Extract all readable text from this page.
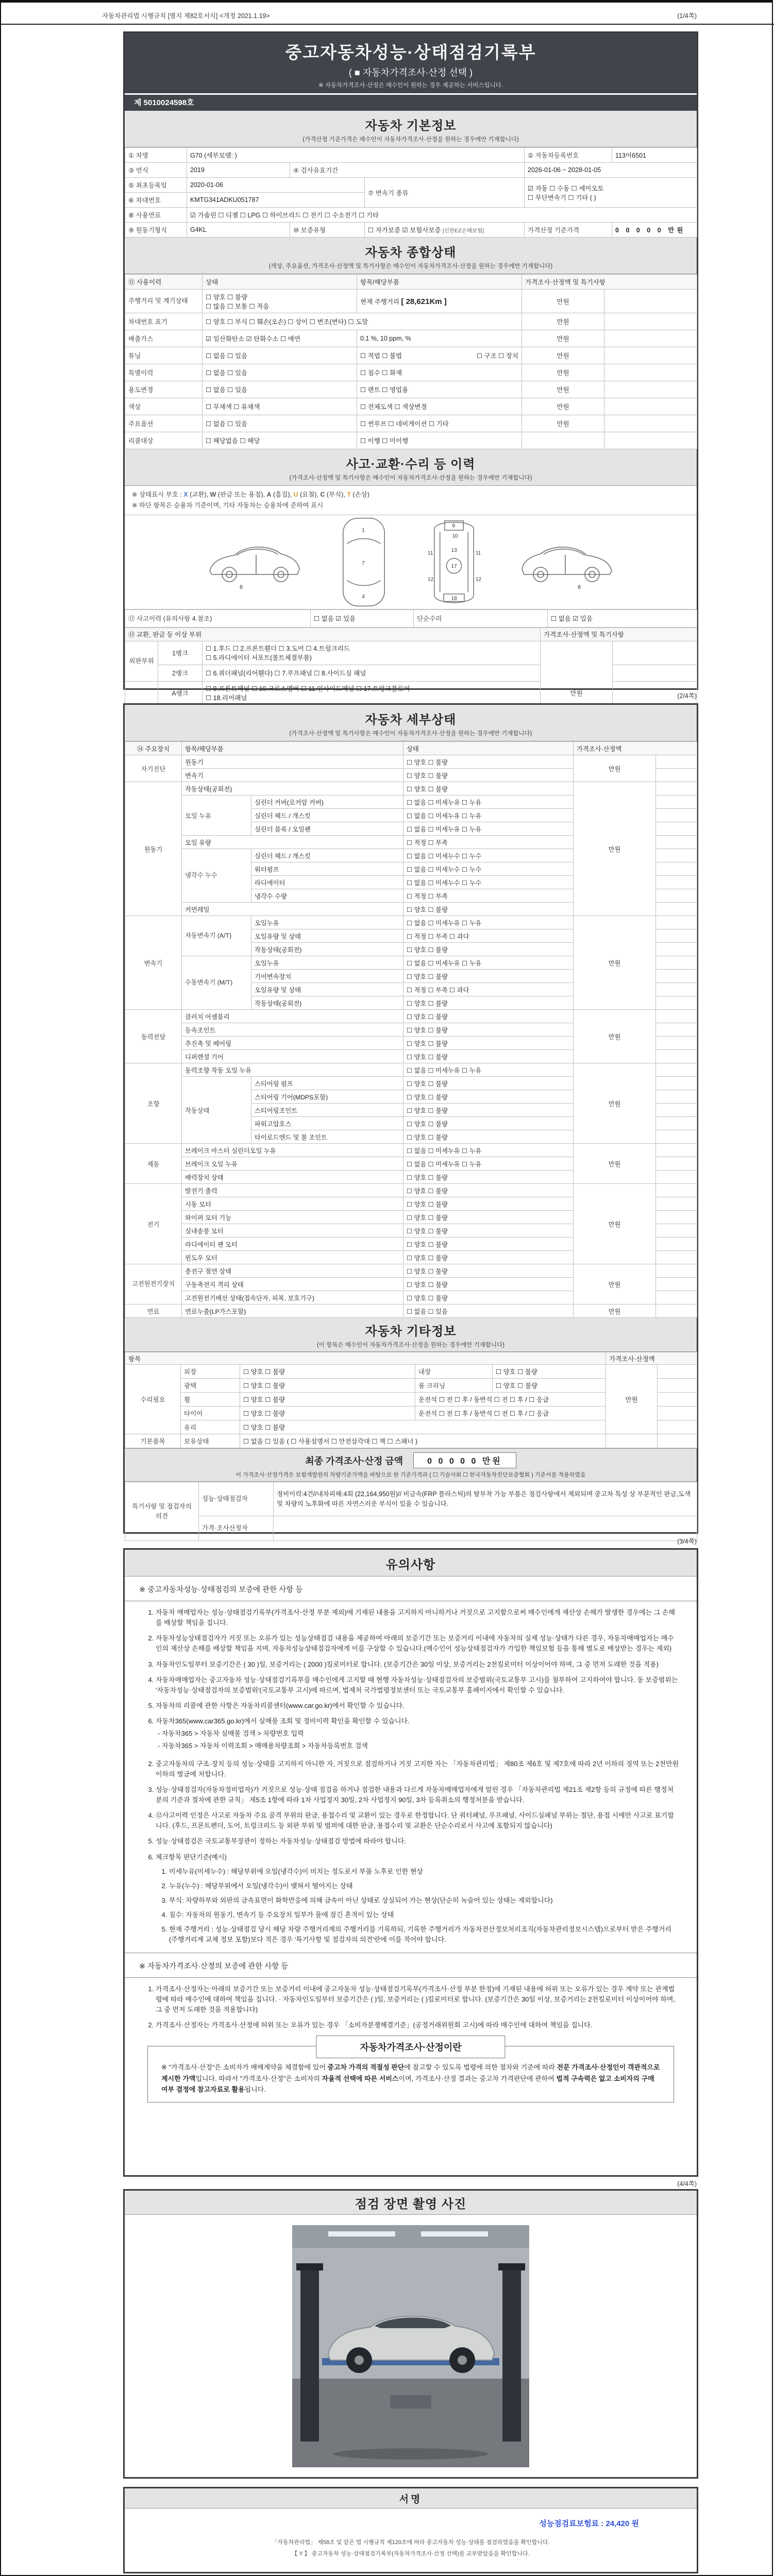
자동차관리법 시행규칙 [별지 제82호서식] <개정 2021.1.19>	(1/4쪽)
중고자동차성능·상태점검기록부
( ■ 자동차가격조사·산정 선택 )
※ 자동차가격조사·산정은 매수인이 원하는 경우 제공하는 서비스입니다.
제 5010024598호
자동차 기본정보
(가격산정 기준가격은 매수인이 자동차가격조사·산정을 원하는 경우에만 기재합니다)
① 차명	G70 (세부모델: )			② 자동차등록번호	113어6501
③ 연식	2019	④ 검사유효기간		2026-01-06 ~ 2028-01-05	
⑤ 최초등록일	2020-01-06		⑦ 변속기 종류	☑ 자동 ☐ 수동 ☐ 세미오토
☐ 무단변속기 ☐ 기타 ( )	

⑥ 차대번호	KMTG341ADKU051787				
⑧ 사용연료	☑ 가솔린 ☐ 디젤 ☐ LPG ☐ 하이브리드 ☐ 전기 ☐ 수소전기 ☐ 기타				
⑨ 원동기형식	G4KL	⑩ 보증유형	☐ 자가보증 ☑ 보험사보증 [신한EZ손해보험]	가격산정 기준가격	0 0 0 0 0 만원
자동차 종합상태
(색상, 주요옵션, 가격조사·산정액 및 특기사항은 매수인이 자동차가격조사·산정을 원하는 경우에만 기재합니다)
⑪ 사용이력	상태	항목/해당부품	가격조사·산정액 및 특기사항	
주행거리 및 계기상태	☐ 양호 ☐ 불량
☐ 많음 ☐ 보통 ☐ 적음	현재 주행거리 [ 28,621Km ]	만원	
차대번호 표기	☐ 양호 ☐ 부식 ☐ 훼손(오손) ☐ 상이 ☐ 변조(변타) ☐ 도말		만원	
배출가스	☑ 일산화탄소 ☑ 탄화수소 ☐ 매연	0.1 %, 10 ppm, %	만원	
튜닝	☐ 없음 ☐ 있음	☐ 적법 ☐ 불법 ☐ 구조 ☐ 장치	만원	
특별이력	☐ 없음 ☐ 있음	☐ 침수 ☐ 화재	만원	
용도변경	☐ 없음 ☐ 있음	☐ 렌트 ☐ 영업용	만원	
색상	☐ 무채색 ☐ 유채색	☐ 전체도색 ☐ 색상변경	만원	
주요옵션	☐ 없음 ☐ 있음	☐ 썬루프 ☐ 네비게이션 ☐ 기타	만원	
리콜대상	☐ 해당없음 ☐ 해당	☐ 이행 ☐ 미이행		
사고·교환·수리 등 이력
(가격조사·산정액 및 특기사항은 매수인이 자동차가격조사·산정을 원하는 경우에만 기재합니다)
※ 상태표시 부호 : X (교환), W (판금 또는 용접), A (흠집), U (요철), C (부식), T (손상)
※ 하단 항목은 승용차 기준이며, 기타 자동차는 승용차에 준하여 표시
6
1
7
4
9
10
11	11
13
17
12	12
18
6
⑫ 사고이력 (유의사항 4.참조)	☐ 없음 ☑ 있음	단순수리	☐ 없음 ☑ 있음
⑬ 교환, 판금 등 이상 부위			가격조사·산정액 및 특기사항	
외판부위	1랭크	☐ 1.후드 ☐ 2.프론트휀더 ☐ 3.도어 ☐ 4.트렁크리드
☐ 5.라디에이터 서포트(볼트체결부품)	만원	
	2랭크	☐ 6.쿼더패널(리어휀다) ☐ 7.루프패널 ☐ 8.사이드실 패널		
	A랭크	☐ 9.프론트패널 ☐ 10.크로스멤버 ☐ 11.인사이드패널 ☐ 17.트렁크플로어
☐ 18.리어패널		

			(2/4쪽)
자동차 세부상태
(가격조사·산정액 및 특기사항은 매수인이 자동차가격조사·산정을 원하는 경우에만 기재합니다)
⑭ 주요장치	항목/해당부품		상태	가격조사·산정액	
자기진단	원동기		☐ 양호 ☐ 불량	만원	
	변속기		☐ 양호 ☐ 불량		
원동기	작동상태(공회전)		☐ 양호 ☐ 불량	만원	
	오일 누유	실린더 커버(로커암 커버)	☐ 없음 ☐ 미세누유 ☐ 누유		
		실린더 헤드 / 개스킷	☐ 없음 ☐ 미세누유 ☐ 누유		
		실린더 블록 / 오일팬	☐ 없음 ☐ 미세누유 ☐ 누유		
	오일 유량		☐ 적정 ☐ 부족		
	냉각수 누수	실린더 헤드 / 개스킷	☐ 없음 ☐ 미세누수 ☐ 누수		
		워터펌프	☐ 없음 ☐ 미세누수 ☐ 누수		
		라디에이터	☐ 없음 ☐ 미세누수 ☐ 누수		
		냉각수 수량	☐ 적정 ☐ 부족		
	커먼레일		☐ 양호 ☐ 불량		
변속기	자동변속기 (A/T)	오일누유	☐ 없음 ☐ 미세누유 ☐ 누유	만원	
		오일유량 및 상태	☐ 적정 ☐ 부족 ☐ 과다		
		작동상태(공회전)	☐ 양호 ☐ 불량		
	수동변속기 (M/T)	오일누유	☐ 없음 ☐ 미세누유 ☐ 누유		
		기어변속장치	☐ 양호 ☐ 불량		
		오일유량 및 상태	☐ 적정 ☐ 부족 ☐ 과다		
		작동상태(공회전)	☐ 양호 ☐ 불량		
동력전달	클러치 어셈블리		☐ 양호 ☐ 불량	만원	
	등속조인트		☐ 양호 ☐ 불량		
	추진축 및 베어링		☐ 양호 ☐ 불량		
	디퍼렌셜 기어		☐ 양호 ☐ 불량		
조향	동력조향 작동 오일 누유		☐ 없음 ☐ 미세누유 ☐ 누유	만원	
	작동상태	스티어링 펌프	☐ 양호 ☐ 불량		
		스티어링 기어(MDPS포함)	☐ 양호 ☐ 불량		
		스티어링조인트	☐ 양호 ☐ 불량		
		파워고압호스	☐ 양호 ☐ 불량		
		타이로드엔드 및 볼 조인트	☐ 양호 ☐ 불량		
제동	브레이크 마스터 실린더오일 누유		☐ 없음 ☐ 미세누유 ☐ 누유	만원	
	브레이크 오일 누유		☐ 없음 ☐ 미세누유 ☐ 누유		
	배력장치 상태		☐ 양호 ☐ 불량		
전기	발전기 출력		☐ 양호 ☐ 불량	만원	
	시동 모터		☐ 양호 ☐ 불량		
	와이퍼 모터 기능		☐ 양호 ☐ 불량		
	실내송풍 모터		☐ 양호 ☐ 불량		
	라디에이터 팬 모터		☐ 양호 ☐ 불량		
	윈도우 모터		☐ 양호 ☐ 불량		
고전원전기장치	충전구 절연 상태		☐ 양호 ☐ 불량	만원	
	구동축전지 격리 상태		☐ 양호 ☐ 불량		
	고전원전기배선 상태(접속단자, 피복, 보호기구)		☐ 양호 ☐ 불량		
연료	연료누출(LP가스포함)		☐ 없음 ☐ 있음	만원	
자동차 기타정보
(이 항목은 매수인이 자동차가격조사·산정을 원하는 경우에만 기재합니다)
항목					가격조사·산정액	
수리필요	외장	☐ 양호 ☐ 불량	내장	☐ 양호 ☐ 불량	만원	
	광택	☐ 양호 ☐ 불량	룸 크리닝	☐ 양호 ☐ 불량		
	휠	☐ 양호 ☐ 불량	운전석 ☐ 전 ☐ 후 / 동반석 ☐ 전 ☐ 후 / ☐ 응급			
	타이어	☐ 양호 ☐ 불량	운전석 ☐ 전 ☐ 후 / 동반석 ☐ 전 ☐ 후 / ☐ 응급			
	유리	☐ 양호 ☐ 불량				
기본품목	보유상태	☐ 없음 ☐ 있음 ( ☐ 사용설명서 ☐ 안전삼각대 ☐ 잭 ☐ 스패너 )				
최종 가격조사·산정 금액	0 0 0 0 0 만원
이 가격조사·산정가격은 보험개발원의 차량기준가액을 바탕으로 한 기준가격과 ( ☐ 기술사회 ☐ 한국자동차진단보증협회 ) 기준서를 적용하였음
특기사항 및 점검자의 의견	성능·상태점검자	정비이력:4건//내차피해:4회 (22,164,950원)// 비금속(FRP 플라스틱)의 탈부착 가능 부품은 점검사항에서 제외되며 중고차 특성 상 부분적인 판금,도색 및 차량의 노후화에 따른 자연스러운 부식이 있을 수 있습니다.
	가격·조사산정자	
(3/4쪽)
유의사항
※ 중고자동차성능·상태점검의 보증에 관한 사항 등
1. 자동차 매매업자는 성능·상태점검기록부(가격조사·산정 부분 제외)에 기재된 내용을 고지하지 아니하거나 거짓으로 고지함으로써 매수인에게 재산상 손해가 발생한 경우에는 그 손해를 배상할 책임을 집니다.
2. 자동차성능상태점검자가 거짓 또는 오류가 있는 성능상태점검 내용을 제공하여 아래의 보증기간 또는 보증거리 이내에 자동차의 실제 성능·상태가 다른 경우, 자동차매매업자는 매수인의 재산상 손해를 배상할 책임을 지며, 자동차성능상태점검자에게 이를 구상할 수 있습니다.(매수인이 성능상태점검자가 가입한 책임보험 등을 통해 별도로 배상받는 경우는 제외)
3. 자동차인도일부터 보증기간은 ( 30 )일, 보증거리는 ( 2000 )킬로미터로 합니다. (보증기간은 30일 이상, 보증거리는 2천킬로미터 이상이어야 하며, 그 중 먼저 도래한 것을 적용)
4. 자동차매매업자는 중고자동차 성능·상태점검기록부를 매수인에게 고지할 때 현행 자동차성능·상태점검자의 보증범위(국토교통부 고시)를 첨부하여 고지하여야 합니다. 동 보증범위는 '자동차성능·상태점검자의 보증범위'(국토교통부 고시)에 따르며, 법제처 국가법령정보센터 또는 국토교통부 홈페이지에서 확인할 수 있습니다.
5. 자동차의 리콜에 관한 사항은 자동차리콜센터(www.car.go.kr)에서 확인할 수 있습니다.
6. 자동차365(www.car365.go.kr)에서 실매물 조회 및 정비이력 확인을 확인할 수 있습니다.
- 자동차365 > 자동차 실매물 검색 > 차량번호 입력
- 자동차365 > 자동차 이력조회 > 매매용차량조회 > 자동차등록번호 검색
2. 중고자동차의 구조·장치 등의 성능·상태를 고지하지 아니한 자, 거짓으로 점검하거나 거짓 고지한 자는 「자동차관리법」 제80조 제6호 및 제7호에 따라 2년 이하의 징역 또는 2천만원 이하의 벌금에 처합니다.
3. 성능·상태점검자(자동차정비업자)가 거짓으로 성능·상태 점검을 하거나 점검한 내용과 다르게 자동차매매업자에게 알린 경우 「자동차관리법 제21조 제2항 등의 규정에 따른 행정처분의 기준과 절차에 관한 규칙」 제5조 1항에 따라 1차 사업정지 30일, 2차 사업정지 90일, 3차 등록취소의 행정처분을 받습니다.
4. ⑫사고이력 인정은 사고로 자동차 주요 골격 부위의 판금, 용접수리 및 교환이 있는 경우로 한정합니다. 단 쿼터패널, 루프패널, 사이드실패널 부위는 절단, 용접 시에만 사고로 표기합니다. (후드, 프론트펜더, 도어, 트렁크리드 등 외판 부위 및 범퍼에 대한 판금, 용접수리 및 교환은 단순수리로서 사고에 포함되지 않습니다)
5. 성능·상태점검은 국토교통부장관이 정하는 자동차성능·상태점검 방법에 따라야 합니다.
6. 체크항목 판단기준(예시)
1. 미세누유(미세누수) : 해당부위에 오일(냉각수)이 비치는 정도로서 부품 노후로 인한 현상
2. 누유(누수) : 해당부위에서 오일(냉각수)이 맺혀서 떨어지는 상태
3. 부식: 차량하부와 외판의 금속표면이 화학반응에 의해 금속이 아닌 상태로 상실되어 가는 현상(단순히 녹슬어 있는 상태는 제외합니다)
4. 침수: 자동차의 원동기, 변속기 등 주요장치 일부가 물에 잠긴 흔적이 있는 상태
5. 현재 주행거리 : 성능·상태점검 당시 해당 차량 주행거리계의 주행거리를 기록하되, 기록한 주행거리가 자동차전산정보처리조직(자동차관리정보시스템)으로부터 받은 주행거리(주행거리계 교체 정보 포함)보다 적은 경우 '특기사항 및 점검자의 의견'란에 이를 적어야 합니다.
※ 자동차가격조사·산정의 보증에 관한 사항 등
1. 가격조사·산정자는 아래의 보증기간 또는 보증거리 이내에 중고자동차 성능·상태점검기록부(가격조사·산정 부분 한정)에 기재된 내용에 허위 또는 오류가 있는 경우 계약 또는 관계법령에 따라 매수인에 대하여 책임을 집니다. · 자동차인도일부터 보증기간은 ( )일, 보증거리는 ( )킬로미터로 합니다. (보증기간은 30일 이상, 보증거리는 2천킬로미터 이상이어야 하며, 그 중 먼저 도래한 것을 적용합니다)
2. 가격조사·산정자는 가격조사·산정에 허위 또는 오류가 있는 경우 「소비자분쟁해결기준」(공정거래위원회 고시)에 따라 매수인에 대하여 책임을 집니다.
자동차가격조사·산정이란

※ "가격조사·산정"은 소비자가 매매계약을 체결함에 있어 중고차 가격의 적절성 판단에 참고할 수 있도록 법령에 의한 절차와 기준에 따라 전문 가격조사·산정인이 객관적으로 제시한 가액입니다. 따라서 "가격조사·산정"은 소비자의 자율적 선택에 따른 서비스이며, 가격조사·산정 결과는 중고차 가격판단에 관하여 법적 구속력은 없고 소비자의 구매여부 결정에 참고자료로 활용됩니다.

(4/4쪽)
점검 장면 촬영 사진
서명
성능점검료보험료 : 24,420 원
「자동차관리법」 제58조 및 같은 법 시행규칙 제120조에 따라 중고자동차 성능·상태를 점검하였음을 확인합니다.
【 Y 】 중고자동차 성능·상태점검기록부(자동차가격조사·산정 선택)를 교부받았음을 확인합니다.
